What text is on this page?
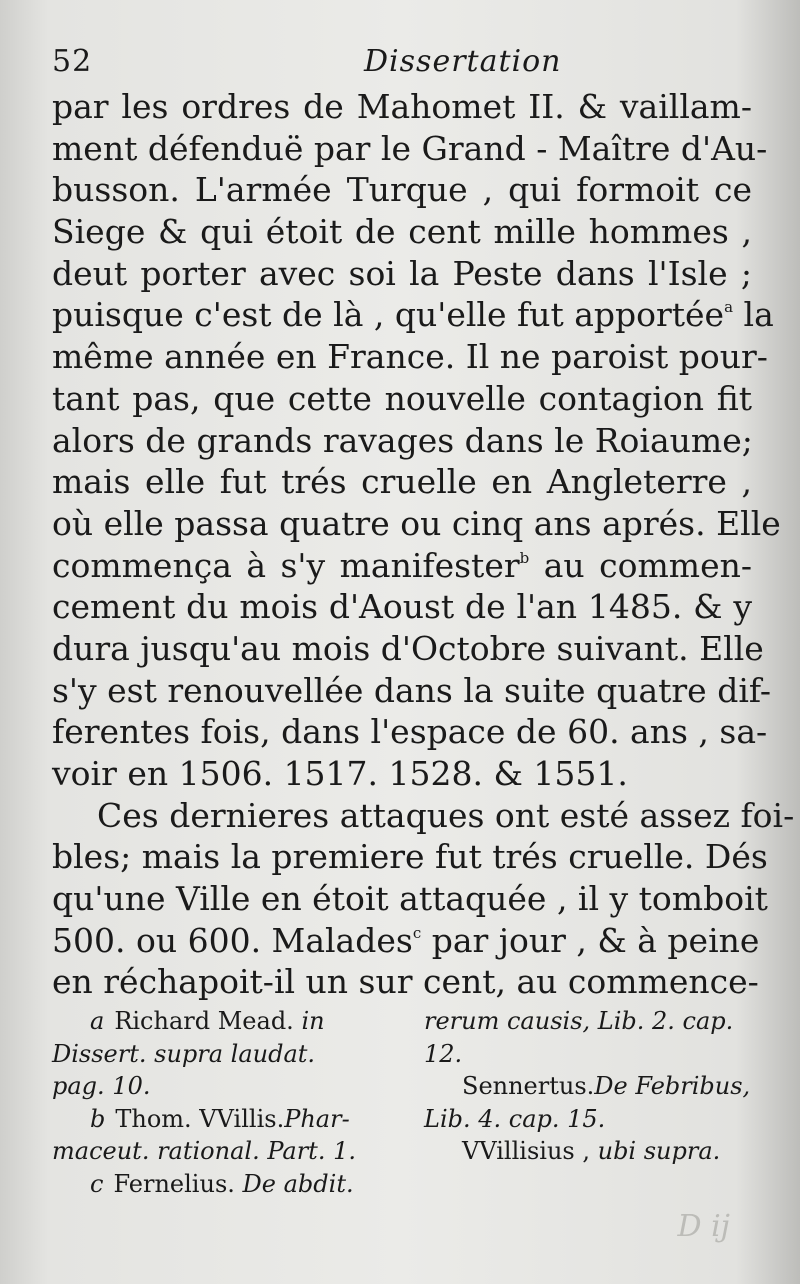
52	Dissertation
par les ordres de Mahomet II. & vaillam-
ment défenduë par le Grand - Maître d'Au-
busson. L'armée Turque , qui formoit ce
Siege & qui étoit de cent mille hommes ,
deut porter avec soi la Peste dans l'Isle ;
puisque c'est de là , qu'elle fut apportée$^a$ la
même année en France. Il ne paroist pour-
tant pas, que cette nouvelle contagion fit
alors de grands ravages dans le Roiaume;
mais elle fut trés cruelle en Angleterre ,
où elle passa quatre ou cinq ans aprés. Elle
commença à s'y manifester$^b$ au commen-
cement du mois d'Aoust de l'an 1485. & y
dura jusqu'au mois d'Octobre suivant. Elle
s'y est renouvellée dans la suite quatre dif-
ferentes fois, dans l'espace de 60. ans , sa-
voir en 1506. 1517. 1528. & 1551.
Ces dernieres attaques ont esté assez foi-
bles; mais la premiere fut trés cruelle. Dés
qu'une Ville en étoit attaquée , il y tomboit
500. ou 600. Malades$^c$ par jour , & à peine
en réchapoit-il un sur cent, au commence-
a Richard Mead. in
Dissert. supra laudat.
pag. 10.
b Thom. VVillis.Phar-
maceut. rational. Part. 1.
c Fernelius. De abdit.
rerum causis, Lib. 2. cap.
12.
Sennertus.De Febribus,
Lib. 4. cap. 15.
VVillisius , ubi supra.
D ij
